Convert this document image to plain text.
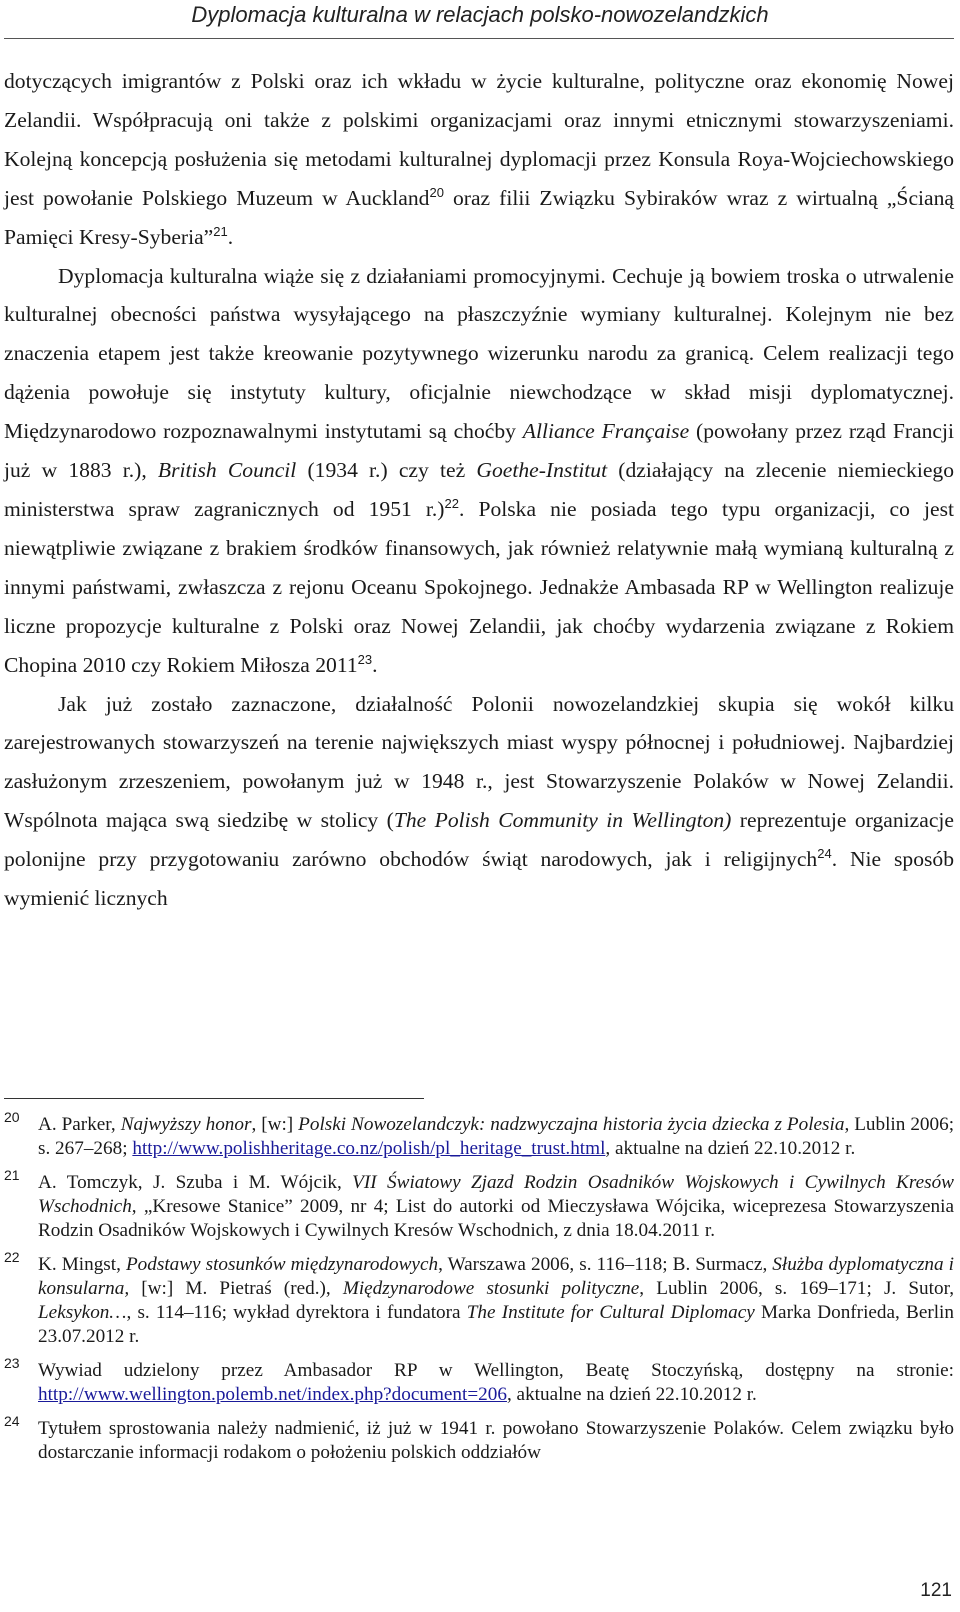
Dyplomacja kulturalna w relacjach polsko-nowozelandzkich

dotyczących imigrantów z Polski oraz ich wkładu w życie kulturalne, polityczne oraz ekonomię Nowej Zelandii. Współpracują oni także z polskimi organizacjami oraz innymi etnicznymi stowarzyszeniami. Kolejną koncepcją posłużenia się metodami kulturalnej dyplomacji przez Konsula Roya-Wojciechowskiego jest powołanie Polskiego Muzeum w Auckland$^{20}$ oraz filii Związku Sybiraków wraz z wirtualną „Ścianą Pamięci Kresy-Syberia”$^{21}$.

Dyplomacja kulturalna wiąże się z działaniami promocyjnymi. Cechuje ją bowiem troska o utrwalenie kulturalnej obecności państwa wysyłającego na płaszczyźnie wymiany kulturalnej. Kolejnym nie bez znaczenia etapem jest także kreowanie pozytywnego wizerunku narodu za granicą. Celem realizacji tego dążenia powołuje się instytuty kultury, oficjalnie niewchodzące w skład misji dyplomatycznej. Międzynarodowo rozpoznawalnymi instytutami są choćby Alliance Française (powołany przez rząd Francji już w 1883 r.), British Council (1934 r.) czy też Goethe-Institut (działający na zlecenie niemieckiego ministerstwa spraw zagranicznych od 1951 r.)$^{22}$. Polska nie posiada tego typu organizacji, co jest niewątpliwie związane z brakiem środków finansowych, jak również relatywnie małą wymianą kulturalną z innymi państwami, zwłaszcza z rejonu Oceanu Spokojnego. Jednakże Ambasada RP w Wellington realizuje liczne propozycje kulturalne z Polski oraz Nowej Zelandii, jak choćby wydarzenia związane z Rokiem Chopina 2010 czy Rokiem Miłosza 2011$^{23}$.

Jak już zostało zaznaczone, działalność Polonii nowozelandzkiej skupia się wokół kilku zarejestrowanych stowarzyszeń na terenie największych miast wyspy północnej i południowej. Najbardziej zasłużonym zrzeszeniem, powołanym już w 1948 r., jest Stowarzyszenie Polaków w Nowej Zelandii. Wspólnota mająca swą siedzibę w stolicy (The Polish Community in Wellington) reprezentuje organizacje polonijne przy przygotowaniu zarówno obchodów świąt narodowych, jak i religijnych$^{24}$. Nie sposób wymienić licznych

20 A. Parker, Najwyższy honor, [w:] Polski Nowozelandczyk: nadzwyczajna historia życia dziecka z Polesia, Lublin 2006; s. 267–268; http://www.polishheritage.co.nz/polish/pl_heritage_trust.html, aktualne na dzień 22.10.2012 r.
21 A. Tomczyk, J. Szuba i M. Wójcik, VII Światowy Zjazd Rodzin Osadników Wojskowych i Cywilnych Kresów Wschodnich, „Kresowe Stanice” 2009, nr 4; List do autorki od Mieczysława Wójcika, wiceprezesa Stowarzyszenia Rodzin Osadników Wojskowych i Cywilnych Kresów Wschodnich, z dnia 18.04.2011 r.
22 K. Mingst, Podstawy stosunków międzynarodowych, Warszawa 2006, s. 116–118; B. Surmacz, Służba dyplomatyczna i konsularna, [w:] M. Pietraś (red.), Międzynarodowe stosunki polityczne, Lublin 2006, s. 169–171; J. Sutor, Leksykon…, s. 114–116; wykład dyrektora i fundatora The Institute for Cultural Diplomacy Marka Donfrieda, Berlin 23.07.2012 r.
23 Wywiad udzielony przez Ambasador RP w Wellington, Beatę Stoczyńską, dostępny na stronie: http://www.wellington.polemb.net/index.php?document=206, aktualne na dzień 22.10.2012 r.
24 Tytułem sprostowania należy nadmienić, iż już w 1941 r. powołano Stowarzyszenie Polaków. Celem związku było dostarczanie informacji rodakom o położeniu polskich oddziałów
121
